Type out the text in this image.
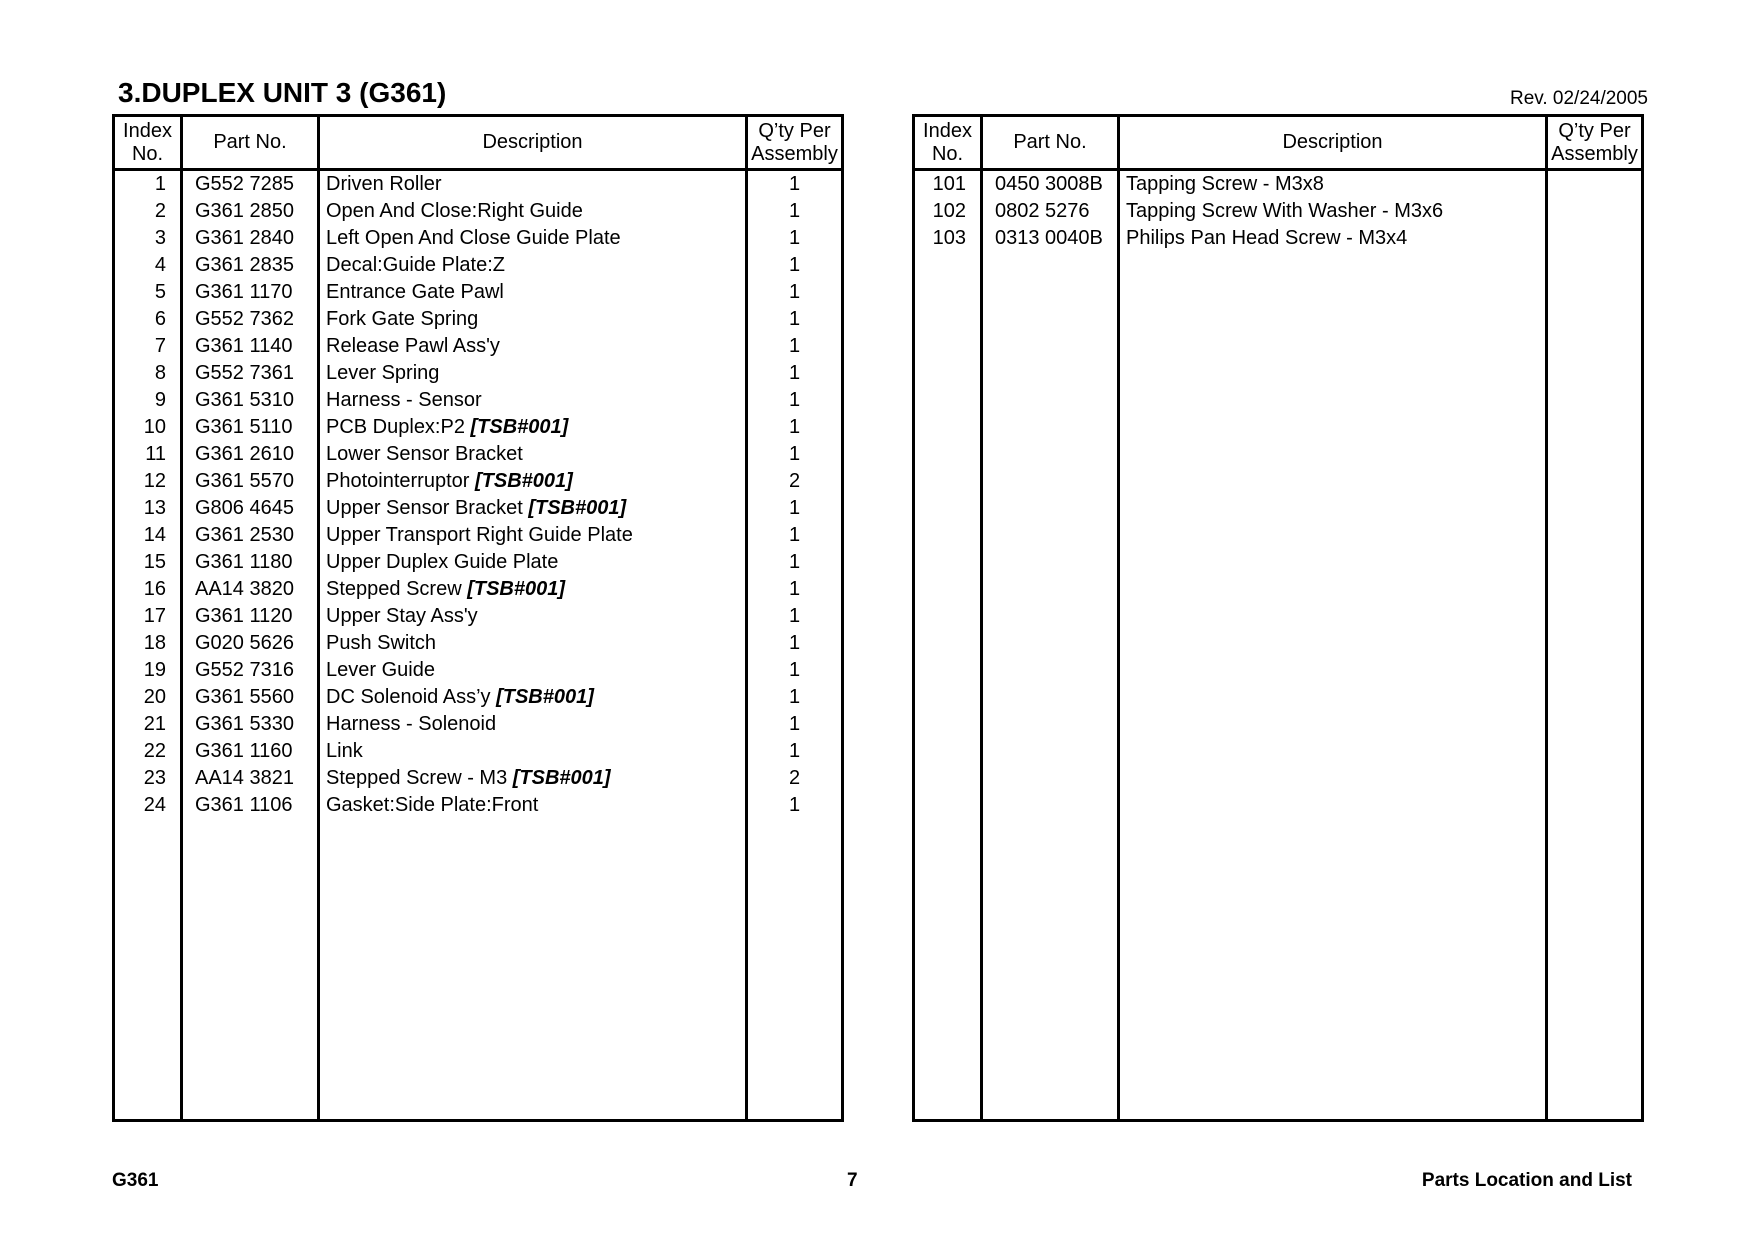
3.DUPLEX UNIT 3 (G361)	Rev. 02/24/2005
Index
No.	Part No.	Description	Q’ty Per
Assembly
1	G552 7285	Driven Roller	1
2	G361 2850	Open And Close:Right Guide	1
3	G361 2840	Left Open And Close Guide Plate	1
4	G361 2835	Decal:Guide Plate:Z	1
5	G361 1170	Entrance Gate Pawl	1
6	G552 7362	Fork Gate Spring	1
7	G361 1140	Release Pawl Ass'y	1
8	G552 7361	Lever Spring	1
9	G361 5310	Harness - Sensor	1
10	G361 5110	PCB Duplex:P2 [TSB#001]	1
11	G361 2610	Lower Sensor Bracket	1
12	G361 5570	Photointerruptor [TSB#001]	2
13	G806 4645	Upper Sensor Bracket [TSB#001]	1
14	G361 2530	Upper Transport Right Guide Plate	1
15	G361 1180	Upper Duplex Guide Plate	1
16	AA14 3820	Stepped Screw [TSB#001]	1
17	G361 1120	Upper Stay Ass'y	1
18	G020 5626	Push Switch	1
19	G552 7316	Lever Guide	1
20	G361 5560	DC Solenoid Ass’y [TSB#001]	1
21	G361 5330	Harness - Solenoid	1
22	G361 1160	Link	1
23	AA14 3821	Stepped Screw - M3 [TSB#001]	2
24	G361 1106	Gasket:Side Plate:Front	1

Index
No.	Part No.	Description	Q’ty Per
Assembly
101	0450 3008B	Tapping Screw - M3x8	
102	0802 5276	Tapping Screw With Washer - M3x6	
103	0313 0040B	Philips Pan Head Screw - M3x4	

G361	7	Parts Location and List
